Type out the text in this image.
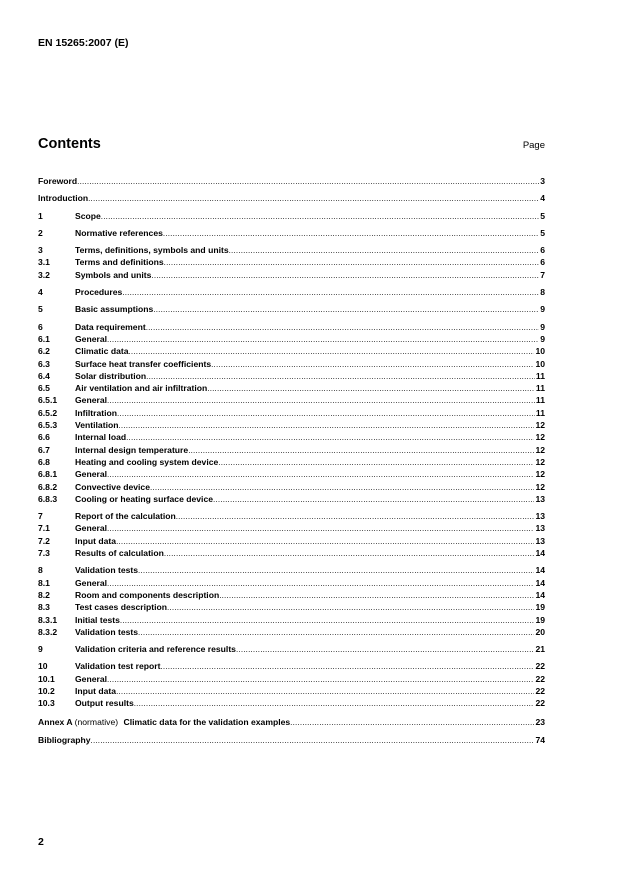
EN 15265:2007 (E)
Contents	Page
Foreword .....	3
Introduction .....	4
1	Scope .....	5
2	Normative references .....	5
3	Terms, definitions, symbols and units .....	6
3.1	Terms and definitions .....	6
3.2	Symbols and units .....	7
4	Procedures .....	8
5	Basic assumptions .....	9
6	Data requirement .....	9
6.1	General .....	9
6.2	Climatic data .....	10
6.3	Surface heat transfer coefficients .....	10
6.4	Solar distribution .....	11
6.5	Air ventilation and air infiltration .....	11
6.5.1	General .....	11
6.5.2	Infiltration .....	11
6.5.3	Ventilation .....	12
6.6	Internal load .....	12
6.7	Internal design temperature .....	12
6.8	Heating and cooling system device .....	12
6.8.1	General .....	12
6.8.2	Convective device .....	12
6.8.3	Cooling or heating surface device .....	13
7	Report of the calculation .....	13
7.1	General .....	13
7.2	Input data .....	13
7.3	Results of calculation .....	14
8	Validation tests .....	14
8.1	General .....	14
8.2	Room and components description .....	14
8.3	Test cases description .....	19
8.3.1	Initial tests .....	19
8.3.2	Validation tests .....	20
9	Validation criteria and reference results .....	21
10	Validation test report .....	22
10.1	General .....	22
10.2	Input data .....	22
10.3	Output results .....	22
Annex A (normative) Climatic data for the validation examples .....	23
Bibliography .....	74
2
